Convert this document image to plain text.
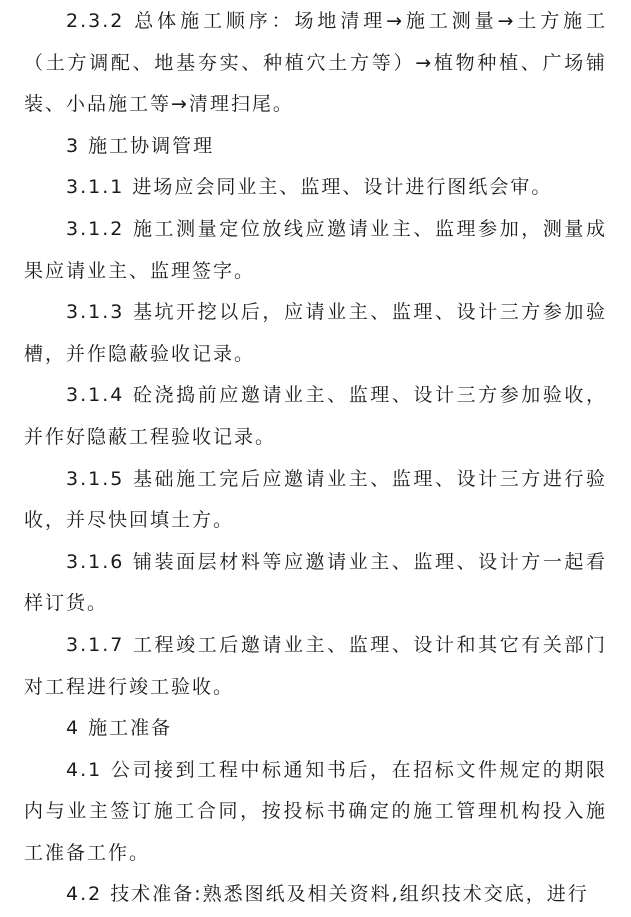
2.3.2 总体施工顺序：场地清理→施工测量→土方施工（土方调配、地基夯实、种植穴土方等）→植物种植、广场铺装、小品施工等→清理扫尾。

3 施工协调管理

3.1.1 进场应会同业主、监理、设计进行图纸会审。

3.1.2 施工测量定位放线应邀请业主、监理参加，测量成果应请业主、监理签字。

3.1.3 基坑开挖以后，应请业主、监理、设计三方参加验槽，并作隐蔽验收记录。

3.1.4 砼浇捣前应邀请业主、监理、设计三方参加验收，并作好隐蔽工程验收记录。

3.1.5 基础施工完后应邀请业主、监理、设计三方进行验收，并尽快回填土方。

3.1.6 铺装面层材料等应邀请业主、监理、设计方一起看样订货。

3.1.7 工程竣工后邀请业主、监理、设计和其它有关部门对工程进行竣工验收。

4 施工准备

4.1 公司接到工程中标通知书后，在招标文件规定的期限内与业主签订施工合同，按投标书确定的施工管理机构投入施工准备工作。

4.2 技术准备:熟悉图纸及相关资料,组织技术交底，进行
